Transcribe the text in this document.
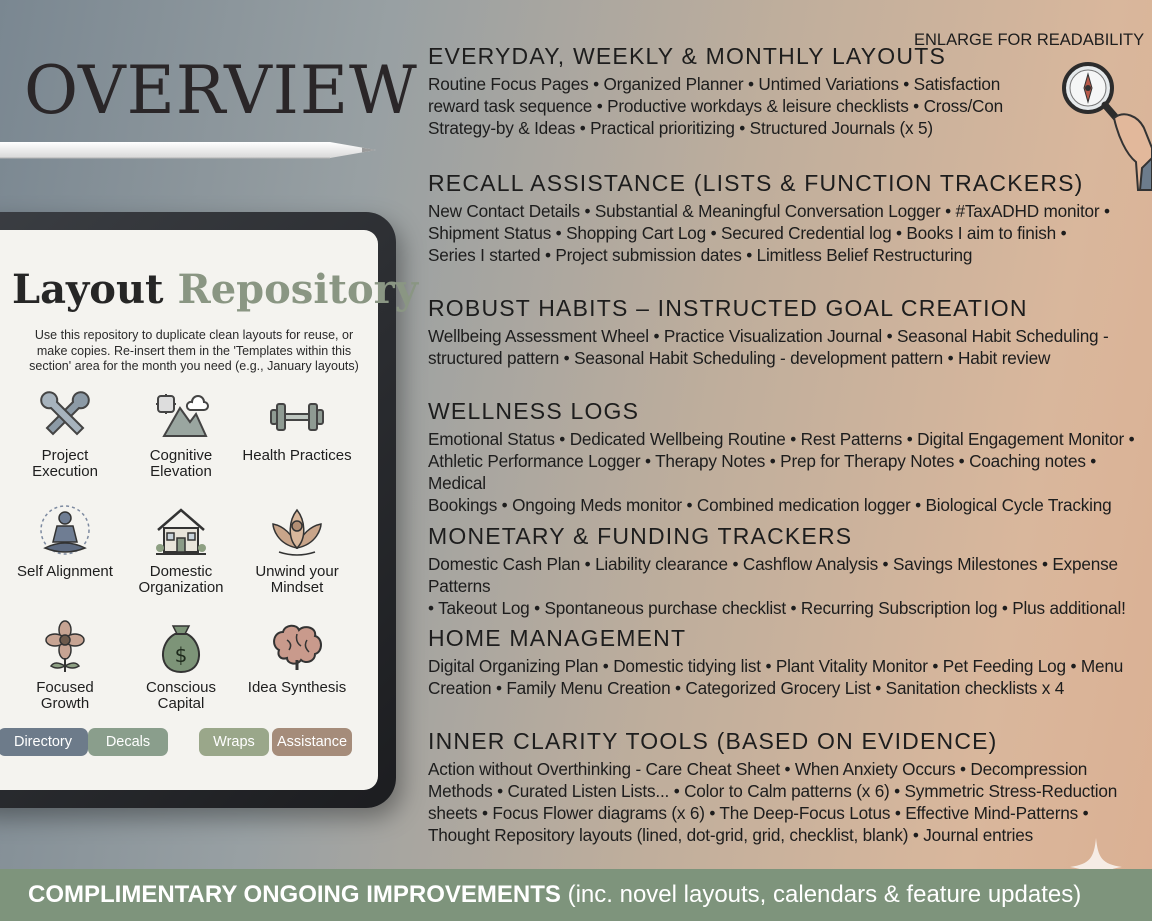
OVERVIEW
Layout Repository
Use this repository to duplicate clean layouts for reuse, or make copies. Re-insert them in the 'Templates within this section' area for the month you need (e.g., January layouts)
Project Execution
Cognitive Elevation
Health Practices
Self Alignment	Domestic Organization
Unwind your Mindset
Focused Growth
$
Conscious Capital
Idea Synthesis
Directory	Decals	Wraps	Assistance
ENLARGE FOR READABILITY
EVERYDAY, WEEKLY & MONTHLY LAYOUTS
Routine Focus Pages • Organized Planner • Untimed Variations • Satisfaction
reward task sequence • Productive workdays & leisure checklists • Cross/Con
Strategy-by & Ideas • Practical prioritizing • Structured Journals (x 5)
RECALL ASSISTANCE (LISTS & FUNCTION TRACKERS)
New Contact Details • Substantial & Meaningful Conversation Logger • #TaxADHD monitor •
Shipment Status • Shopping Cart Log • Secured Credential log • Books I aim to finish •
Series I started • Project submission dates • Limitless Belief Restructuring
ROBUST HABITS – INSTRUCTED GOAL CREATION
Wellbeing Assessment Wheel • Practice Visualization Journal • Seasonal Habit Scheduling -
structured pattern • Seasonal Habit Scheduling - development pattern • Habit review
WELLNESS LOGS
Emotional Status • Dedicated Wellbeing Routine • Rest Patterns • Digital Engagement Monitor •
Athletic Performance Logger • Therapy Notes • Prep for Therapy Notes • Coaching notes • Medical
Bookings • Ongoing Meds monitor • Combined medication logger • Biological Cycle Tracking
MONETARY & FUNDING TRACKERS
Domestic Cash Plan • Liability clearance • Cashflow Analysis • Savings Milestones • Expense Patterns
• Takeout Log • Spontaneous purchase checklist • Recurring Subscription log • Plus additional!
HOME MANAGEMENT
Digital Organizing Plan • Domestic tidying list • Plant Vitality Monitor • Pet Feeding Log • Menu
Creation • Family Menu Creation • Categorized Grocery List • Sanitation checklists x 4
INNER CLARITY TOOLS (BASED ON EVIDENCE)
Action without Overthinking - Care Cheat Sheet • When Anxiety Occurs • Decompression
Methods • Curated Listen Lists... • Color to Calm patterns (x 6) • Symmetric Stress-Reduction
sheets • Focus Flower diagrams (x 6) • The Deep-Focus Lotus • Effective Mind-Patterns •
Thought Repository layouts (lined, dot-grid, grid, checklist, blank) • Journal entries
COMPLIMENTARY ONGOING IMPROVEMENTS (inc. novel layouts, calendars & feature updates)
